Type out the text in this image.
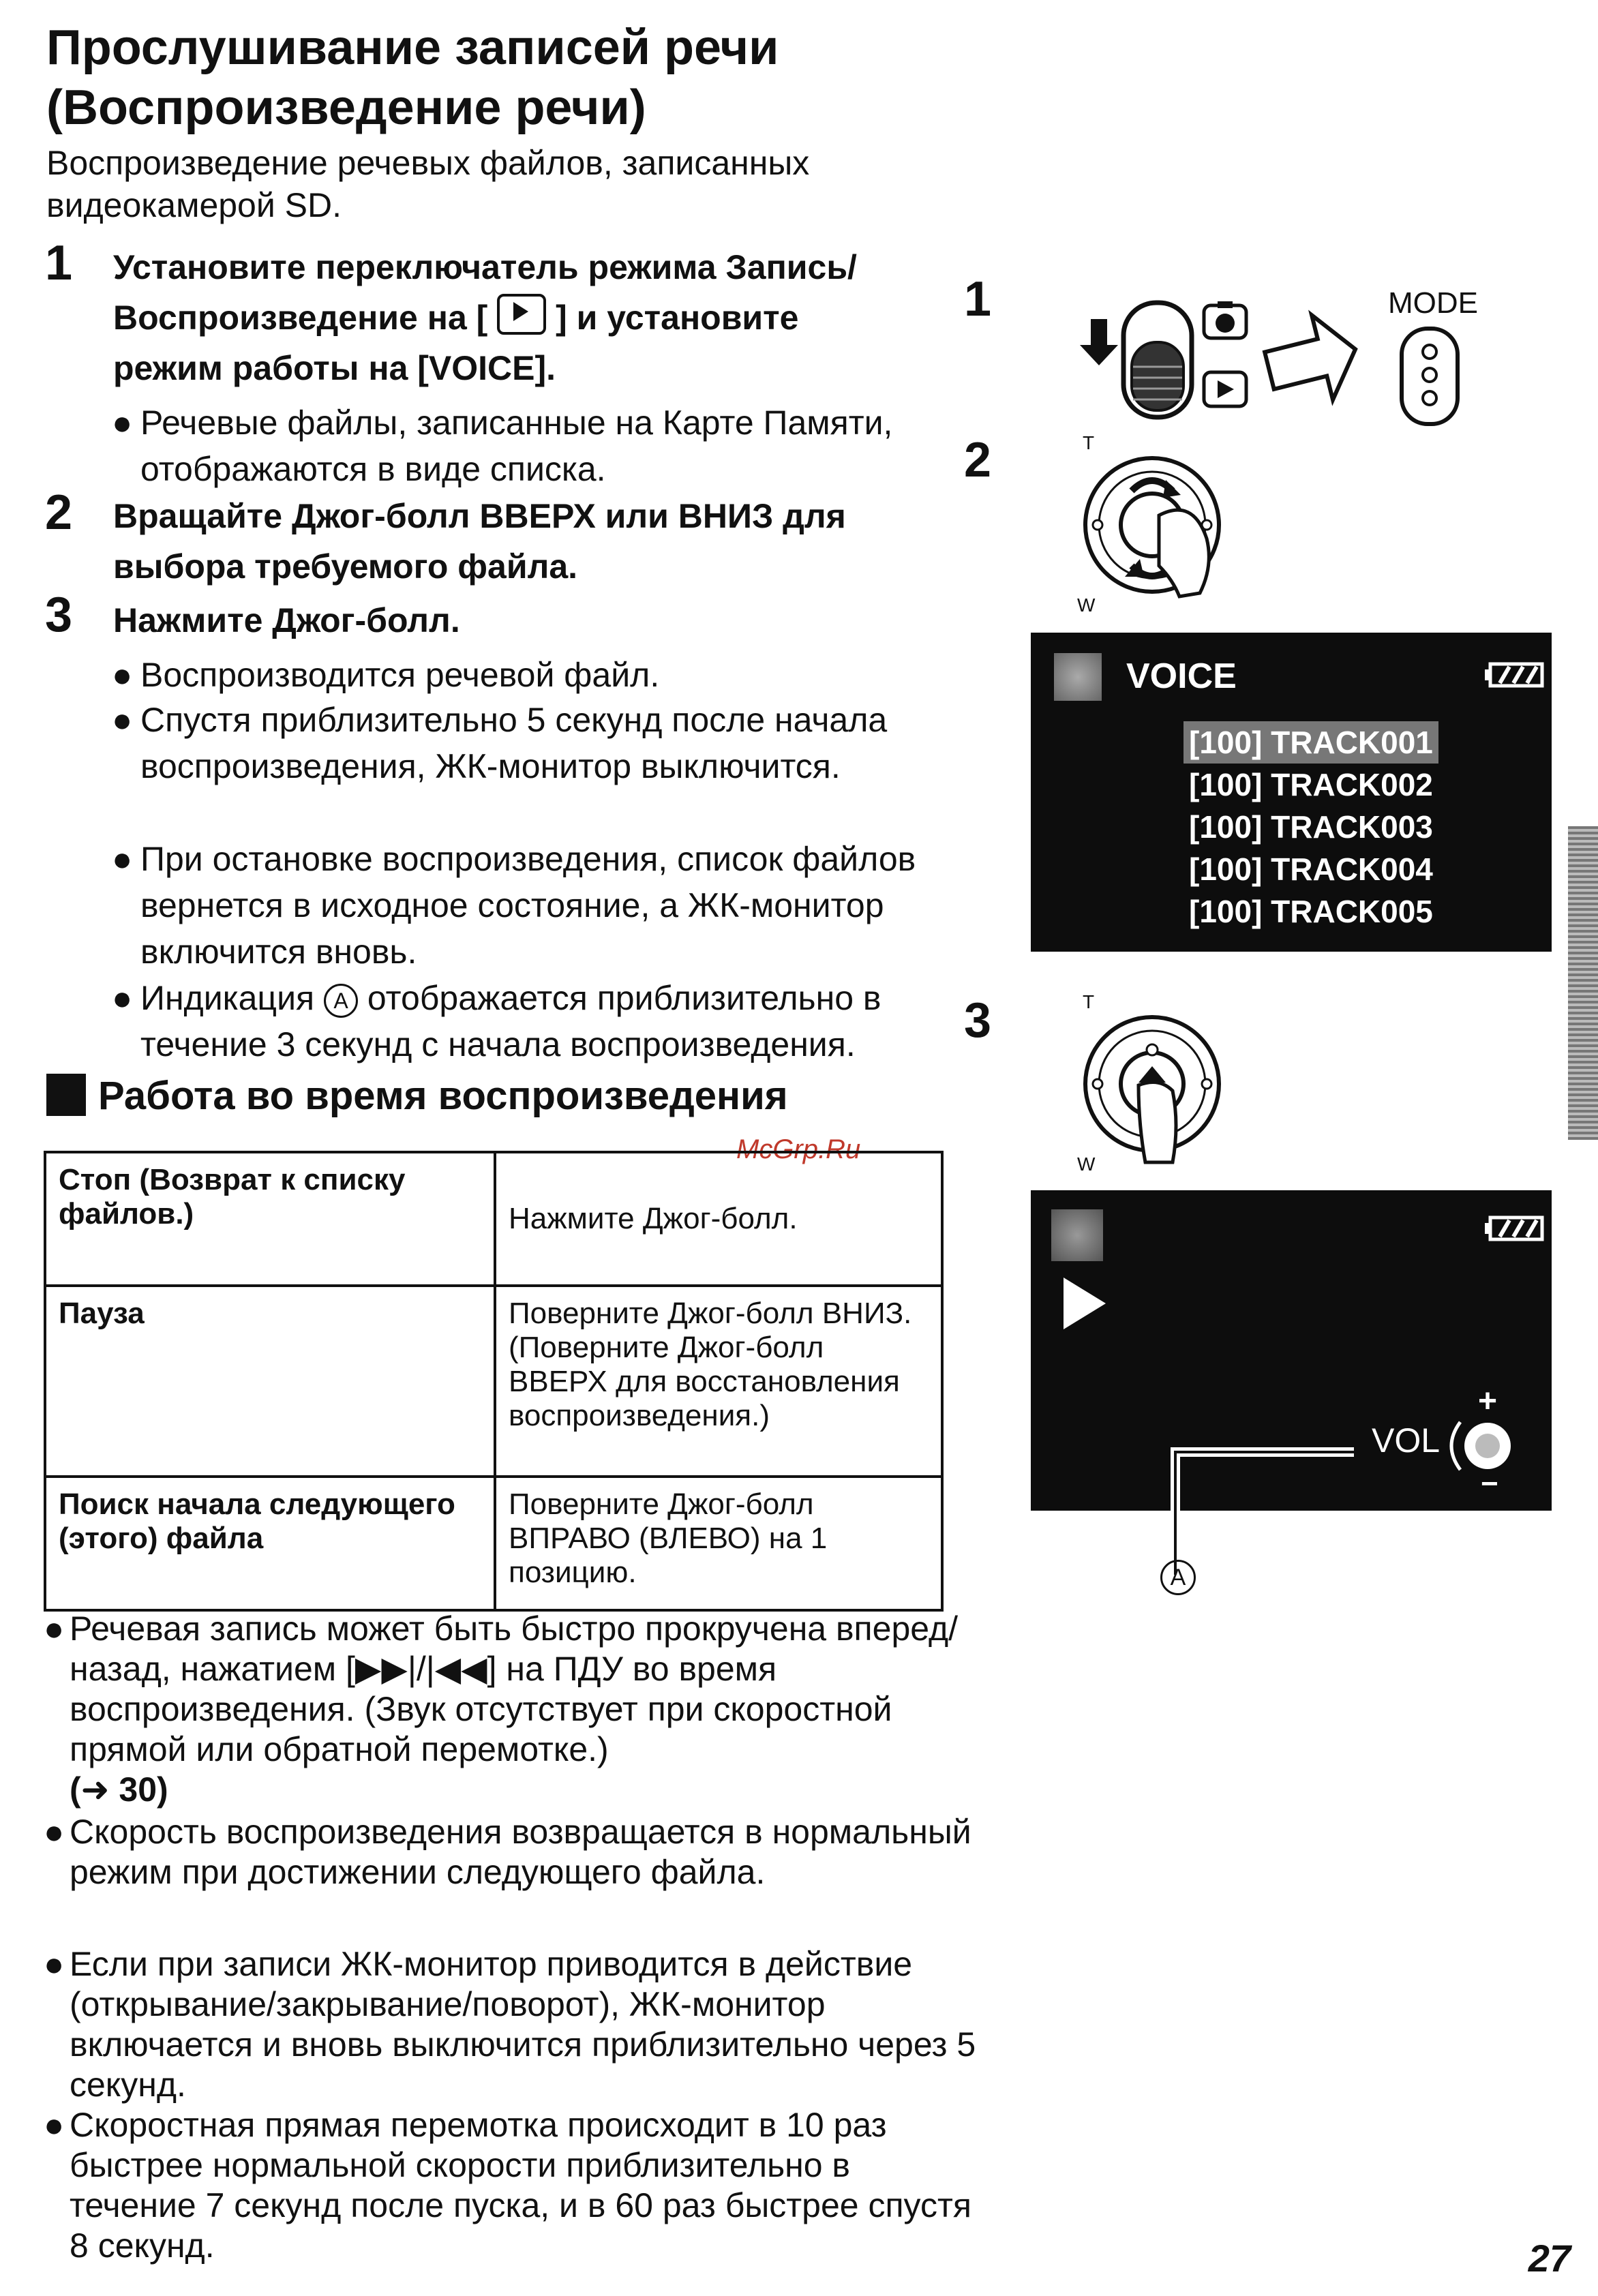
Прослушивание записей речи
(Воспроизведение речи)
Воспроизведение речевых файлов, записанных видеокамерой SD.
1 Установите переключатель режима Запись/
Воспроизведение на [ ] и установите
режим работы на [VOICE].
● Речевые файлы, записанные на Карте Памяти, отображаются в виде списка.
2 Вращайте Джог-болл ВВЕРХ или ВНИЗ для выбора требуемого файла.
3 Нажмите Джог-болл.
● Воспроизводится речевой файл.
● Спустя приблизительно 5 секунд после начала воспроизведения, ЖК-монитор выключится.
● При остановке воспроизведения, список файлов вернется в исходное состояние, а ЖК-монитор включится вновь.
● Индикация A отображается приблизительно в течение 3 секунд с начала воспроизведения.
Работа во время воспроизведения
McGrp.Ru
Стоп (Возврат к списку файлов.)	Нажмите Джог-болл.
Пауза	Поверните Джог-болл ВНИЗ. (Поверните Джог-болл ВВЕРХ для восстановления воспроизведения.)
Поиск начала следующего (этого) файла	Поверните Джог-болл ВПРАВО (ВЛЕВО) на 1 позицию.
● Речевая запись может быть быстро прокручена вперед/назад, нажатием [▶▶|/|◀◀] на ПДУ во время воспроизведения. (Звук отсутствует при скоростной прямой или обратной перемотке.)
(➜ 30)
● Скорость воспроизведения возвращается в нормальный режим при достижении следующего файла.
● Если при записи ЖК-монитор приводится в действие (открывание/закрывание/поворот), ЖК-монитор включается и вновь выключится приблизительно через 5 секунд.
● Скоростная прямая перемотка происходит в 10 раз быстрее нормальной скорости приблизительно в течение 7 секунд после пуска, и в 60 раз быстрее спустя 8 секунд.
1	MODE
2	T
W
VOICE
[100] TRACK001
[100] TRACK002
[100] TRACK003
[100] TRACK004
[100] TRACK005
3	T
W
VOL
+
−
A
27
